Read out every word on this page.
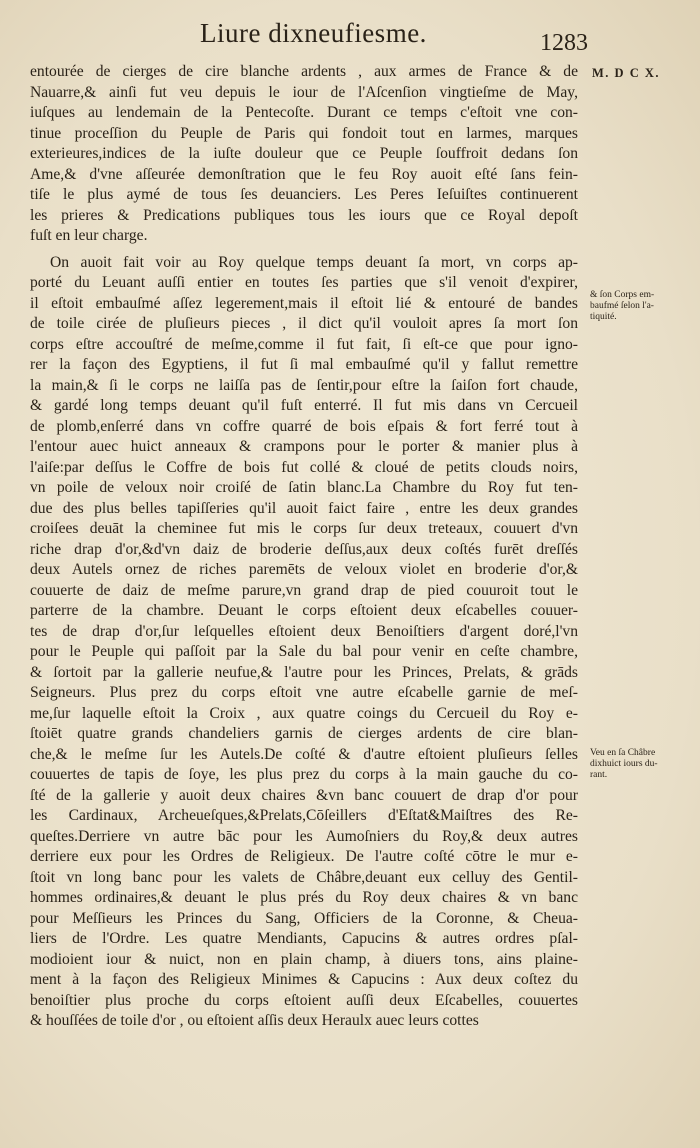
Liure dixneufiesme.	1283
M. D C X.
entourée de cierges de cire blanche ardents , aux armes de France & de
Nauarre,& ainſi fut veu depuis le iour de l'Aſcenſion vingtieſme de May,
iuſques au lendemain de la Pentecoſte. Durant ce temps c'eſtoit vne con-
tinue proceſſion du Peuple de Paris qui fondoit tout en larmes, marques
exterieures,indices de la iuſte douleur que ce Peuple ſouffroit dedans ſon
Ame,& d'vne aſſeurée demonſtration que le feu Roy auoit eſté ſans fein-
tiſe le plus aymé de tous ſes deuanciers. Les Peres Ieſuiſtes continuerent
les prieres & Predications publiques tous les iours que ce Royal depoſt
fuſt en leur charge.
On auoit fait voir au Roy quelque temps deuant ſa mort, vn corps ap-
porté du Leuant auſſi entier en toutes ſes parties que s'il venoit d'expirer,
il eſtoit embauſmé aſſez legerement,mais il eſtoit lié & entouré de bandes
de toile cirée de pluſieurs pieces , il dict qu'il vouloit apres ſa mort ſon
corps eſtre accouſtré de meſme,comme il fut fait, ſi eſt-ce que pour igno-
rer la façon des Egyptiens, il fut ſi mal embauſmé qu'il y fallut remettre
la main,& ſi le corps ne laiſſa pas de ſentir,pour eſtre la ſaiſon fort chaude,
& gardé long temps deuant qu'il fuſt enterré. Il fut mis dans vn Cercueil
de plomb,enſerré dans vn coffre quarré de bois eſpais & fort ferré tout à
l'entour auec huict anneaux & crampons pour le porter & manier plus à
l'aiſe:par deſſus le Coffre de bois fut collé & cloué de petits clouds noirs,
vn poile de veloux noir croiſé de ſatin blanc.La Chambre du Roy fut ten-
due des plus belles tapiſſeries qu'il auoit faict faire , entre les deux grandes
croiſees deuāt la cheminee fut mis le corps ſur deux treteaux, couuert d'vn
riche drap d'or,&d'vn daiz de broderie deſſus,aux deux coſtés furēt dreſſés
deux Autels ornez de riches paremēts de veloux violet en broderie d'or,&
couuerte de daiz de meſme parure,vn grand drap de pied couuroit tout le
parterre de la chambre. Deuant le corps eſtoient deux eſcabelles couuer-
tes de drap d'or,ſur leſquelles eſtoient deux Benoiſtiers d'argent doré,l'vn
pour le Peuple qui paſſoit par la Sale du bal pour venir en ceſte chambre,
& ſortoit par la gallerie neufue,& l'autre pour les Princes, Prelats, & grāds
Seigneurs. Plus prez du corps eſtoit vne autre eſcabelle garnie de meſ-
me,ſur laquelle eſtoit la Croix , aux quatre coings du Cercueil du Roy e-
ſtoiēt quatre grands chandeliers garnis de cierges ardents de cire blan-
che,& le meſme ſur les Autels.De coſté & d'autre eſtoient pluſieurs ſelles
couuertes de tapis de ſoye, les plus prez du corps à la main gauche du co-
ſté de la gallerie y auoit deux chaires &vn banc couuert de drap d'or pour
les Cardinaux, Archeueſques,&Prelats,Cōſeillers d'Eſtat&Maiſtres des Re-
queſtes.Derriere vn autre bāc pour les Aumoſniers du Roy,& deux autres
derriere eux pour les Ordres de Religieux. De l'autre coſté cōtre le mur e-
ſtoit vn long banc pour les valets de Châbre,deuant eux celluy des Gentil-
hommes ordinaires,& deuant le plus prés du Roy deux chaires & vn banc
pour Meſſieurs les Princes du Sang, Officiers de la Coronne, & Cheua-
liers de l'Ordre. Les quatre Mendiants, Capucins & autres ordres pſal-
modioient iour & nuict, non en plain champ, à diuers tons, ains plaine-
ment à la façon des Religieux Minimes & Capucins : Aux deux coſtez du
benoiſtier plus proche du corps eſtoient auſſi deux Eſcabelles, couuertes
& houſſées de toile d'or , ou eſtoient aſſis deux Heraulx auec leurs cottes
& ſon Corps em-
baufmé ſelon l'a-
tiquité.
Veu en ſa Châbre
dixhuict iours du-
rant.
